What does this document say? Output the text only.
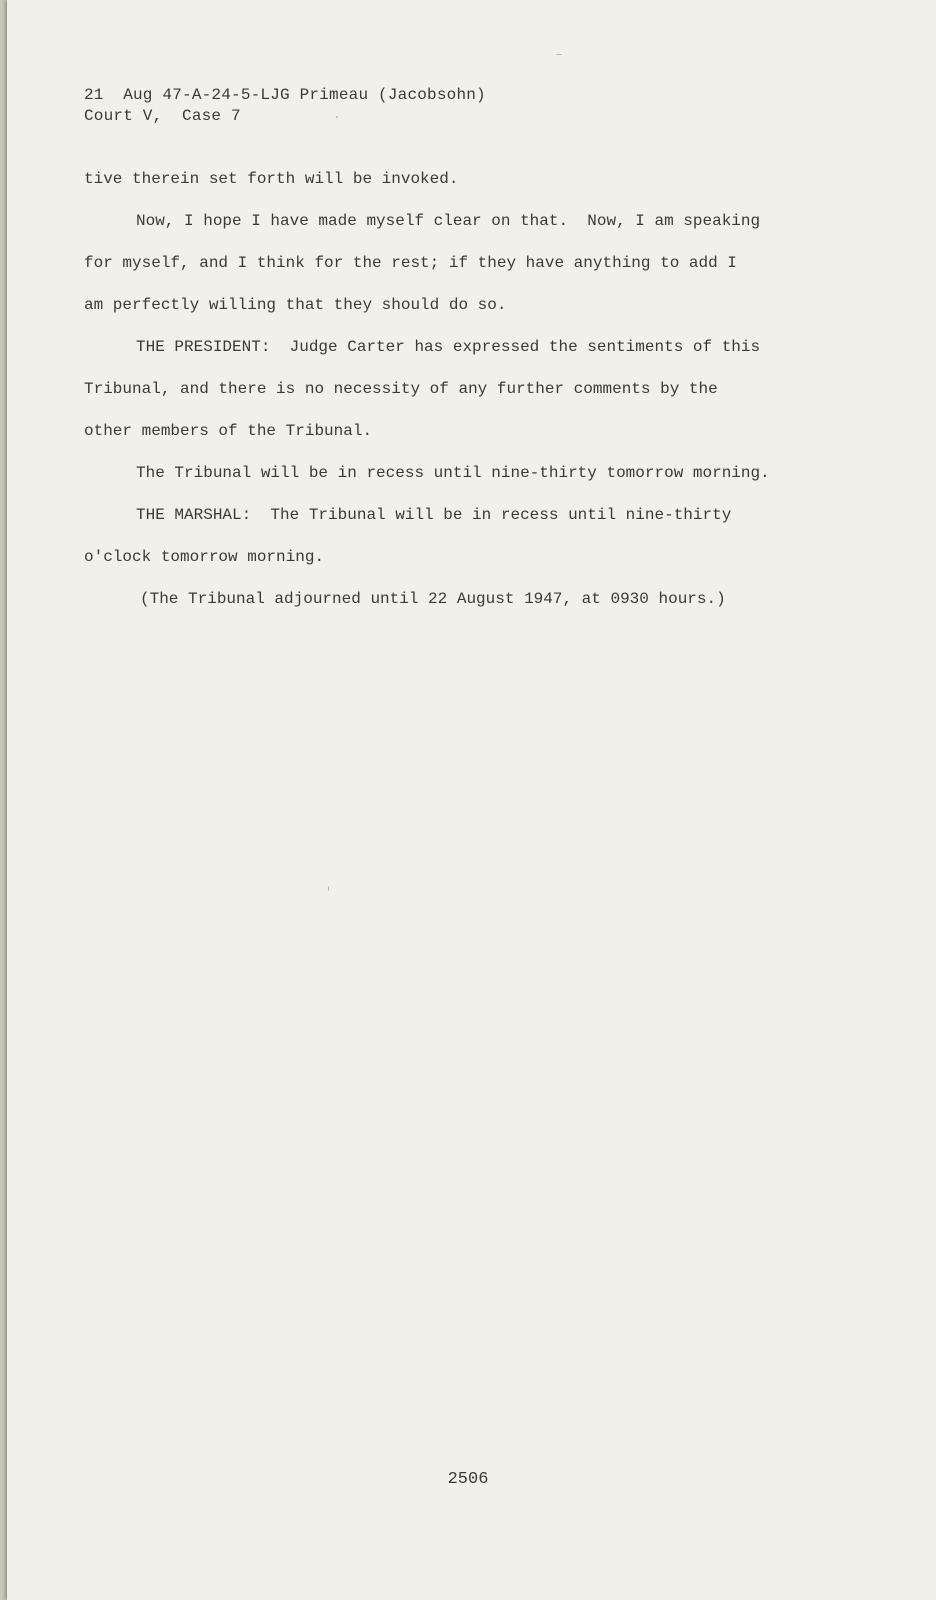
21  Aug 47-A-24-5-LJG Primeau (Jacobsohn)
Court V,  Case 7
tive therein set forth will be invoked.
Now, I hope I have made myself clear on that.  Now, I am speaking
for myself, and I think for the rest; if they have anything to add I
am perfectly willing that they should do so.
THE PRESIDENT:  Judge Carter has expressed the sentiments of this
Tribunal, and there is no necessity of any further comments by the
other members of the Tribunal.
The Tribunal will be in recess until nine-thirty tomorrow morning.
THE MARSHAL:  The Tribunal will be in recess until nine-thirty
o'clock tomorrow morning.
(The Tribunal adjourned until 22 August 1947, at 0930 hours.)
2506
